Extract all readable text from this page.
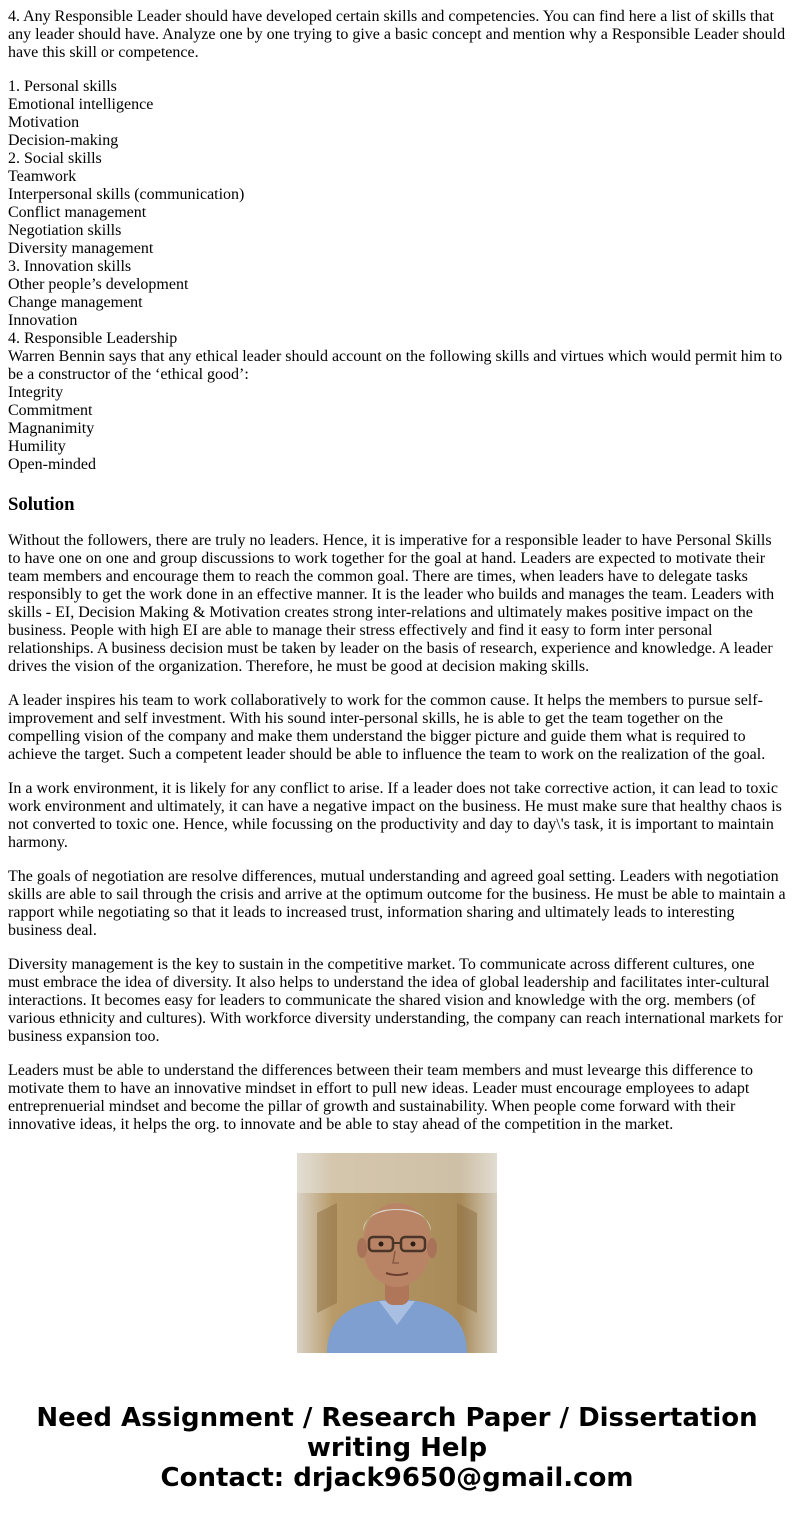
4. Any Responsible Leader should have developed certain skills and competencies. You can find here a list of skills that any leader should have. Analyze one by one trying to give a basic concept and mention why a Responsible Leader should have this skill or competence.

1. Personal skills
Emotional intelligence
Motivation
Decision-making
2. Social skills
Teamwork
Interpersonal skills (communication)
Conflict management
Negotiation skills
Diversity management
3. Innovation skills
Other people’s development
Change management
Innovation
4. Responsible Leadership
Warren Bennin says that any ethical leader should account on the following skills and virtues which would permit him to be a constructor of the ‘ethical good’:
Integrity
Commitment
Magnanimity
Humility
Open-minded
Solution

Without the followers, there are truly no leaders. Hence, it is imperative for a responsible leader to have Personal Skills to have one on one and group discussions to work together for the goal at hand. Leaders are expected to motivate their team members and encourage them to reach the common goal. There are times, when leaders have to delegate tasks responsibly to get the work done in an effective manner. It is the leader who builds and manages the team. Leaders with skills - EI, Decision Making & Motivation creates strong inter-relations and ultimately makes positive impact on the business. People with high EI are able to manage their stress effectively and find it easy to form inter personal relationships. A business decision must be taken by leader on the basis of research, experience and knowledge. A leader drives the vision of the organization. Therefore, he must be good at decision making skills.

A leader inspires his team to work collaboratively to work for the common cause. It helps the members to pursue self-improvement and self investment. With his sound inter-personal skills, he is able to get the team together on the compelling vision of the company and make them understand the bigger picture and guide them what is required to achieve the target. Such a competent leader should be able to influence the team to work on the realization of the goal.

In a work environment, it is likely for any conflict to arise. If a leader does not take corrective action, it can lead to toxic work environment and ultimately, it can have a negative impact on the business. He must make sure that healthy chaos is not converted to toxic one. Hence, while focussing on the productivity and day to day\'s task, it is important to maintain harmony.

The goals of negotiation are resolve differences, mutual understanding and agreed goal setting. Leaders with negotiation skills are able to sail through the crisis and arrive at the optimum outcome for the business. He must be able to maintain a rapport while negotiating so that it leads to increased trust, information sharing and ultimately leads to interesting business deal.

Diversity management is the key to sustain in the competitive market. To communicate across different cultures, one must embrace the idea of diversity. It also helps to understand the idea of global leadership and facilitates inter-cultural interactions. It becomes easy for leaders to communicate the shared vision and knowledge with the org. members (of various ethnicity and cultures). With workforce diversity understanding, the company can reach international markets for business expansion too.

Leaders must be able to understand the differences between their team members and must levearge this difference to motivate them to have an innovative mindset in effort to pull new ideas. Leader must encourage employees to adapt entreprenuerial mindset and become the pillar of growth and sustainability. When people come forward with their innovative ideas, it helps the org. to innovate and be able to stay ahead of the competition in the market.

Need Assignment / Research Paper / Dissertation
writing Help
Contact: drjack9650@gmail.com
